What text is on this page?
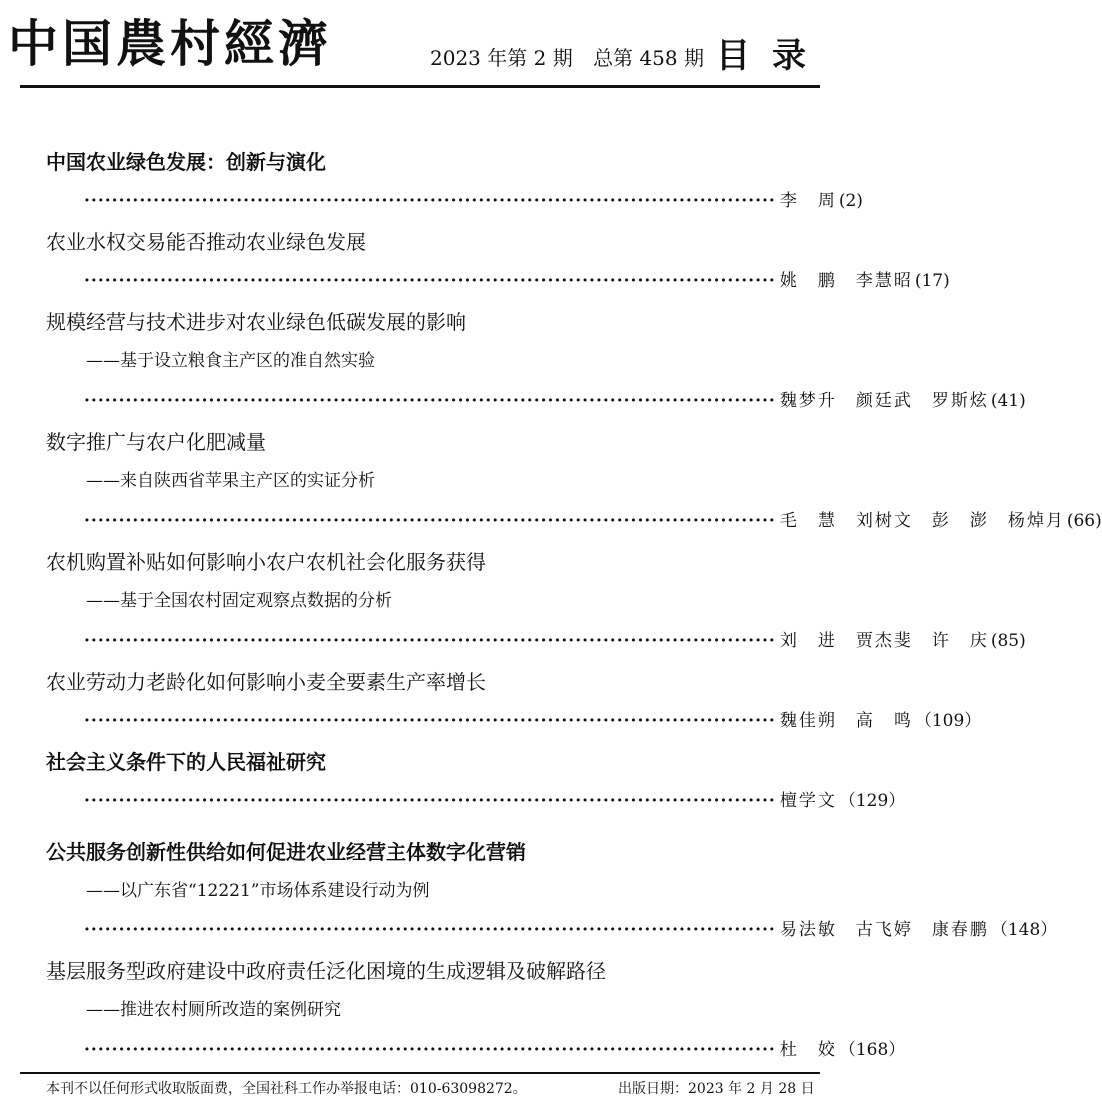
中国農村經濟	2023 年第 2 期 总第 458 期 目录
中国农业绿色发展：创新与演化
···································································································· 李　周 (2)
农业水权交易能否推动农业绿色发展
···································································································· 姚　鹏　李慧昭 (17)
规模经营与技术进步对农业绿色低碳发展的影响
——基于设立粮食主产区的准自然实验
···································································································· 魏梦升　颜廷武　罗斯炫 (41)
数字推广与农户化肥减量
——来自陕西省苹果主产区的实证分析
···································································································· 毛　慧　刘树文　彭　澎　杨焯月 (66)
农机购置补贴如何影响小农户农机社会化服务获得
——基于全国农村固定观察点数据的分析
···································································································· 刘　进　贾杰斐　许　庆 (85)
农业劳动力老龄化如何影响小麦全要素生产率增长
···································································································· 魏佳朔　高　鸣 （109）
社会主义条件下的人民福祉研究
···································································································· 檀学文 （129）
公共服务创新性供给如何促进农业经营主体数字化营销
——以广东省“12221”市场体系建设行动为例
···································································································· 易法敏　古飞婷　康春鹏 （148）
基层服务型政府建设中政府责任泛化困境的生成逻辑及破解路径
——推进农村厕所改造的案例研究
···································································································· 杜　姣 （168）
本刊不以任何形式收取版面费，全国社科工作办举报电话：010-63098272。	出版日期：2023 年 2 月 28 日
